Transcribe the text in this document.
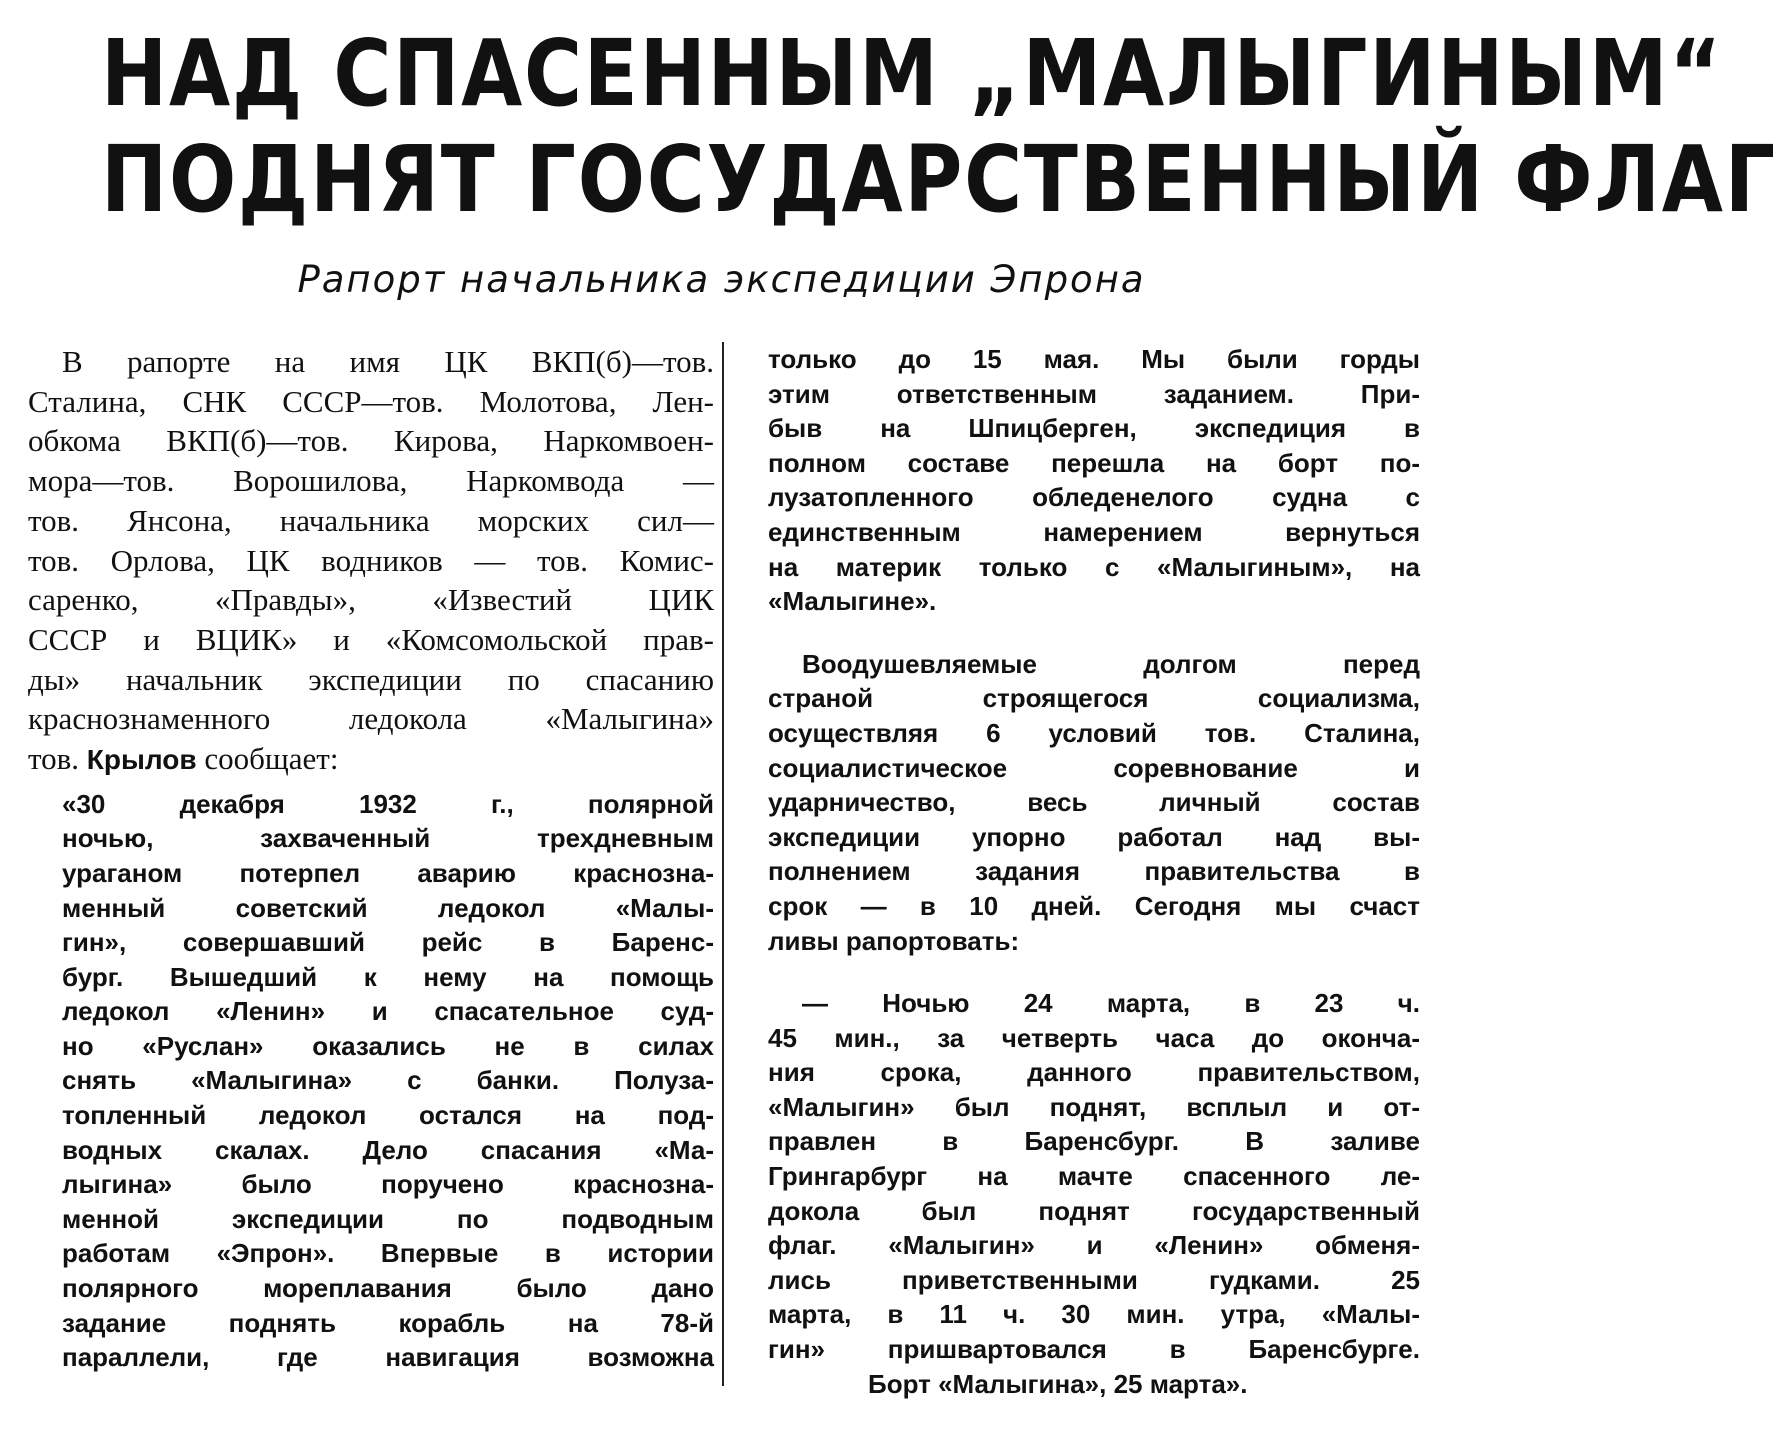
НАД СПАСЕННЫМ „МАЛЫГИНЫМ“
ПОДНЯТ ГОСУДАРСТВЕННЫЙ ФЛАГ
Рапорт начальника экспедиции Эпрона
В рапорте на имя ЦК ВКП(б)—тов.
Сталина, СНК СССР—тов. Молотова, Лен-
обкома ВКП(б)—тов. Кирова, Наркомвоен-
мора—тов. Ворошилова, Наркомвода —
тов. Янсона, начальника морских сил—
тов. Орлова, ЦК водников — тов. Комис-
саренко, «Правды», «Известий ЦИК
СССР и ВЦИК» и «Комсомольской прав-
ды» начальник экспедиции по спасанию
краснознаменного ледокола «Малыгина»
тов. Крылов сообщает:
«30 декабря 1932 г., полярной
ночью, захваченный трехдневным
ураганом потерпел аварию краснозна-
менный советский ледокол «Малы-
гин», совершавший рейс в Баренс-
бург. Вышедший к нему на помощь
ледокол «Ленин» и спасательное суд-
но «Руслан» оказались не в силах
снять «Малыгина» с банки. Полуза-
топленный ледокол остался на под-
водных скалах. Дело спасания «Ма-
лыгина» было поручено краснозна-
менной экспедиции по подводным
работам «Эпрон». Впервые в истории
полярного мореплавания было дано
задание поднять корабль на 78-й
параллели, где навигация возможна
только до 15 мая. Мы были горды
этим ответственным заданием. При-
быв на Шпицберген, экспедиция в
полном составе перешла на борт по-
лузатопленного обледенелого судна с
единственным намерением вернуться
на материк только с «Малыгиным», на
«Малыгине».
Воодушевляемые долгом перед
страной строящегося социализма,
осуществляя 6 условий тов. Сталина,
социалистическое соревнование и
ударничество, весь личный состав
экспедиции упорно работал над вы-
полнением задания правительства в
срок — в 10 дней. Сегодня мы счаст
ливы рапортовать:
— Ночью 24 марта, в 23 ч.
45 мин., за четверть часа до оконча-
ния срока, данного правительством,
«Малыгин» был поднят, всплыл и от-
правлен в Баренсбург. В заливе
Грингарбург на мачте спасенного ле-
докола был поднят государственный
флаг. «Малыгин» и «Ленин» обменя-
лись приветственными гудками. 25
марта, в 11 ч. 30 мин. утра, «Малы-
гин» пришвартовался в Баренсбурге.
Борт «Малыгина», 25 марта».
